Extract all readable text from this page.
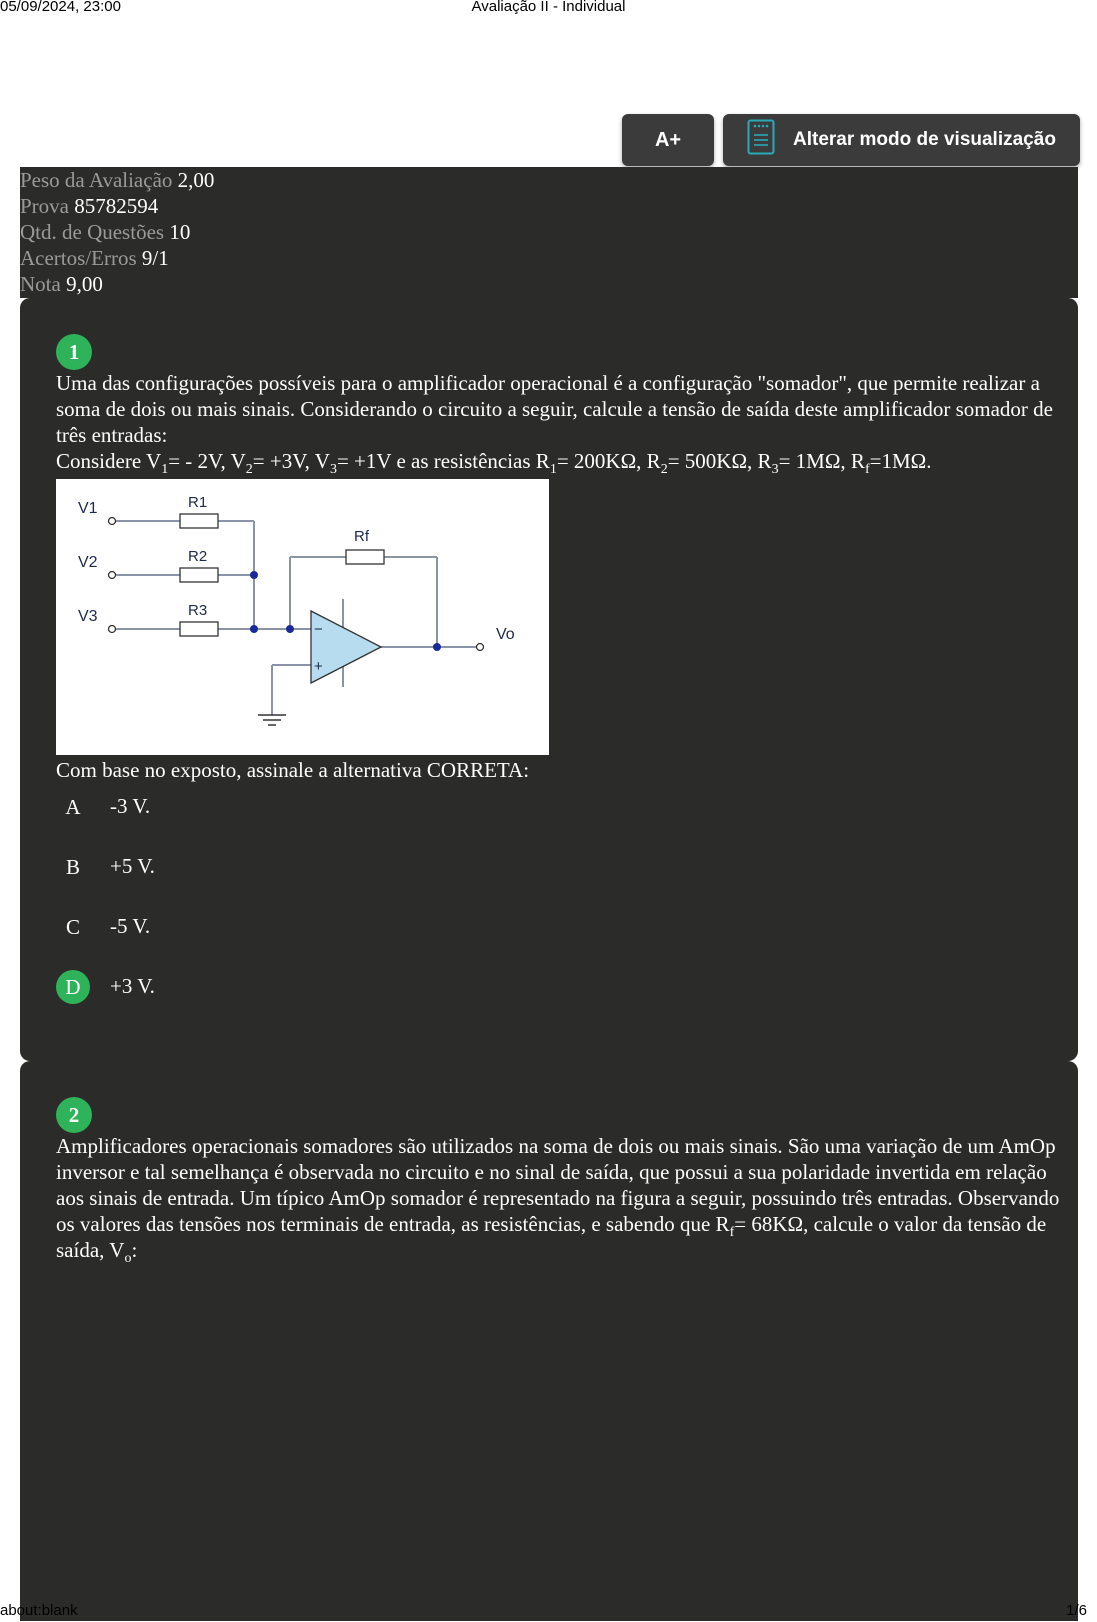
05/09/2024, 23:00	Avaliação II - Individual
A+	Alterar modo de visualização
Peso da Avaliação 2,00
Prova 85782594
Qtd. de Questões 10
Acertos/Erros 9/1
Nota 9,00
1

Uma das configurações possíveis para o amplificador operacional é a configuração "somador", que permite realizar a soma de dois ou mais sinais. Considerando o circuito a seguir, calcule a tensão de saída deste amplificador somador de três entradas:

Considere $V_1= - 2V$, $V_2= +3V$, $V_3= +1V$ e as resistências $R_1= 200K\Omega$, $R_2= 500K\Omega$, $R_3= 1M\Omega$, $R_f=1M\Omega$.

V1
V2
V3
R1
R2
R3
Rf
−
+
Vo
Com base no exposto, assinale a alternativa CORRETA:
A	-3 V.
B	+5 V.
C	-5 V.
D	+3 V.
2

Amplificadores operacionais somadores são utilizados na soma de dois ou mais sinais. São uma variação de um AmOp inversor e tal semelhança é observada no circuito e no sinal de saída, que possui a sua polaridade invertida em relação aos sinais de entrada. Um típico AmOp somador é representado na figura a seguir, possuindo três entradas. Observando os valores das tensões nos terminais de entrada, as resistências, e sabendo que $R_f= 68K\Omega$, calcule o valor da tensão de saída, $V_o$:

about:blank	1/6
